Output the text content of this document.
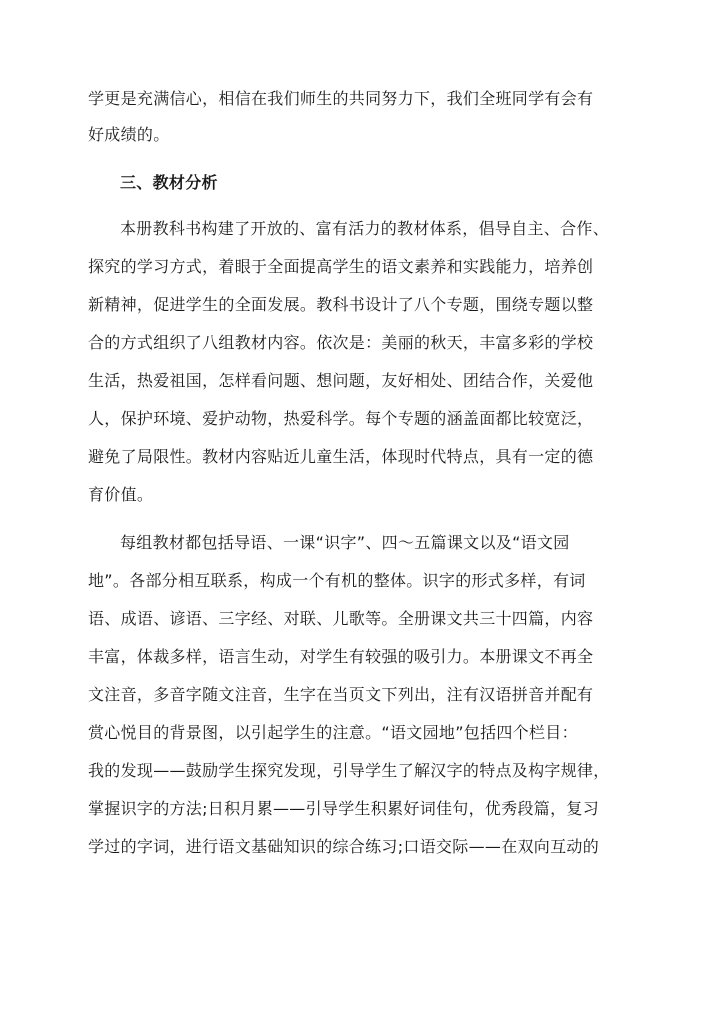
学更是充满信心，相信在我们师生的共同努力下，我们全班同学有会有
好成绩的。
三、教材分析
本册教科书构建了开放的、富有活力的教材体系，倡导自主、合作、
探究的学习方式，着眼于全面提高学生的语文素养和实践能力，培养创
新精神，促进学生的全面发展。教科书设计了八个专题，围绕专题以整
合的方式组织了八组教材内容。依次是：美丽的秋天，丰富多彩的学校
生活，热爱祖国，怎样看问题、想问题，友好相处、团结合作，关爱他
人，保护环境、爱护动物，热爱科学。每个专题的涵盖面都比较宽泛，
避免了局限性。教材内容贴近儿童生活，体现时代特点，具有一定的德
育价值。
每组教材都包括导语、一课“识字”、四～五篇课文以及“语文园
地”。各部分相互联系，构成一个有机的整体。识字的形式多样，有词
语、成语、谚语、三字经、对联、儿歌等。全册课文共三十四篇，内容
丰富，体裁多样，语言生动，对学生有较强的吸引力。本册课文不再全
文注音，多音字随文注音，生字在当页文下列出，注有汉语拼音并配有
赏心悦目的背景图，以引起学生的注意。“语文园地”包括四个栏目：
我的发现——鼓励学生探究发现，引导学生了解汉字的特点及构字规律，
掌握识字的方法;日积月累——引导学生积累好词佳句，优秀段篇，复习
学过的字词，进行语文基础知识的综合练习;口语交际——在双向互动的
